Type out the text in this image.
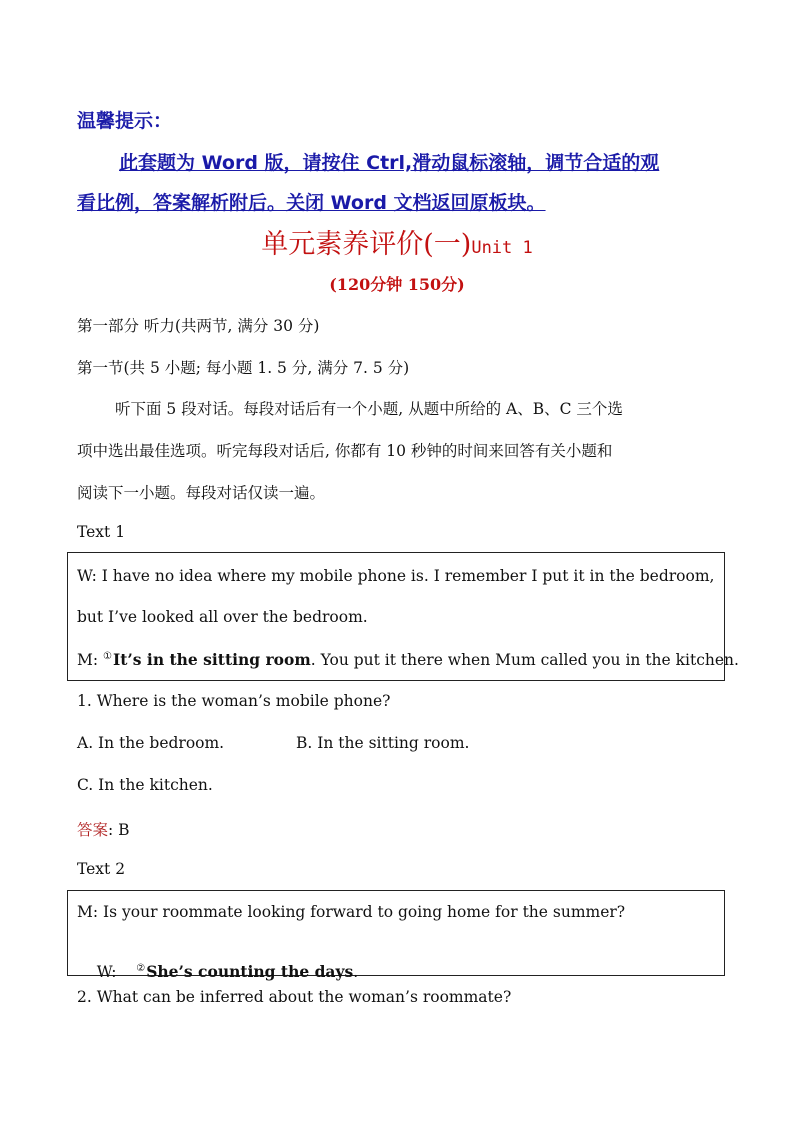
温馨提示：
此套题为 Word 版，请按住 Ctrl,滑动鼠标滚轴，调节合适的观
看比例，答案解析附后。关闭 Word 文档返回原板块。
单元素养评价(一)Unit 1
(120分钟 150分)
第一部分 听力(共两节, 满分 30 分)
第一节(共 5 小题; 每小题 1. 5 分, 满分 7. 5 分)
听下面 5 段对话。每段对话后有一个小题, 从题中所给的 A、B、C 三个选
项中选出最佳选项。听完每段对话后, 你都有 10 秒钟的时间来回答有关小题和
阅读下一小题。每段对话仅读一遍。
Text 1
W: I have no idea where my mobile phone is. I remember I put it in the bedroom,
but I’ve looked all over the bedroom.
M: ①It’s in the sitting room. You put it there when Mum called you in the kitchen.
1. Where is the woman’s mobile phone?
A. In the bedroom.	B. In the sitting room.
C. In the kitchen.
答案: B
Text 2
M: Is your roommate looking forward to going home for the summer?

W:    ②She’s counting the days.

2. What can be inferred about the woman’s roommate?
